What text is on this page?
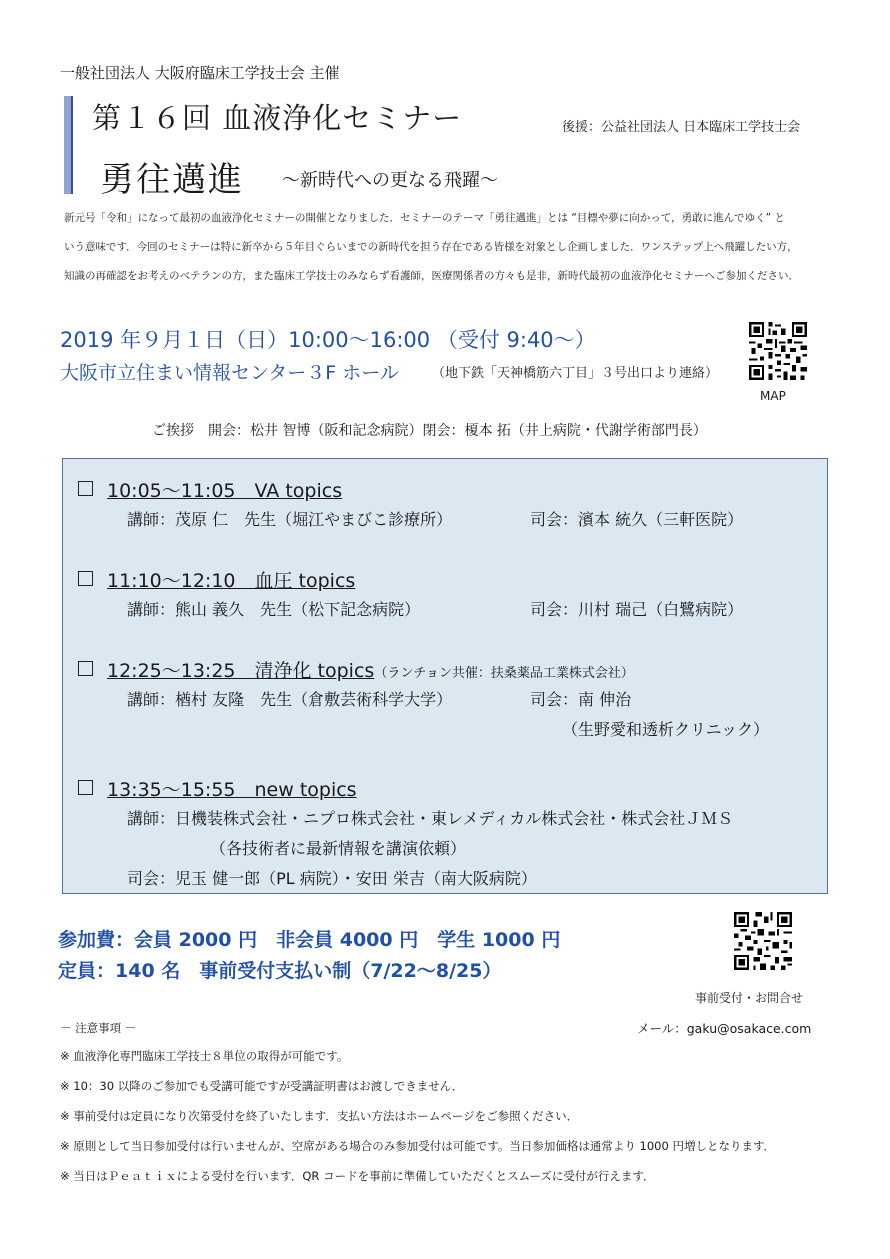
一般社団法人 大阪府臨床工学技士会 主催
第１６回 血液浄化セミナー	後援：公益社団法人 日本臨床工学技士会
勇往邁進 ～新時代への更なる飛躍～
新元号「令和」になって最初の血液浄化セミナーの開催となりました．セミナーのテーマ「勇往邁進」とは “目標や夢に向かって，勇敢に進んでゆく” と
いう意味です．今回のセミナーは特に新卒から５年目ぐらいまでの新時代を担う存在である皆様を対象とし企画しました．ワンステップ上へ飛躍したい方，
知識の再確認をお考えのベテランの方，また臨床工学技士のみならず看護師，医療関係者の方々も是非，新時代最初の血液浄化セミナーへご参加ください．
2019 年９月１日（日）10:00～16:00 （受付 9:40～）
大阪市立住まい情報センター３F ホール	（地下鉄「天神橋筋六丁目」３号出口より連絡）
MAP
ご挨拶　開会：松井 智博（阪和記念病院）閉会：榎本 拓（井上病院・代謝学術部門長）
10:05～11:05　VA topics
講師：茂原 仁　先生（堀江やまびこ診療所）	司会：濱本 統久（三軒医院）
11:10～12:10　血圧 topics
講師：熊山 義久　先生（松下記念病院）	司会：川村 瑞己（白鷺病院）
12:25～13:25　清浄化 topics（ランチョン共催：扶桑薬品工業株式会社）
講師：楢村 友隆　先生（倉敷芸術科学大学）	司会：南 伸治
（生野愛和透析クリニック）
13:35～15:55　new topics
講師：日機装株式会社・ニプロ株式会社・東レメディカル株式会社・株式会社ＪＭＳ
（各技術者に最新情報を講演依頼）
司会：児玉 健一郎（PL 病院）・安田 栄吉（南大阪病院）
参加費：会員 2000 円　非会員 4000 円　学生 1000 円
定員：140 名　事前受付支払い制（7/22～8/25）
事前受付・お問合せ
－ 注意事項 －	メール：gaku@osakace.com
※ 血液浄化専門臨床工学技士８単位の取得が可能です。
※ 10：30 以降のご参加でも受講可能ですが受講証明書はお渡しできません．
※ 事前受付は定員になり次第受付を終了いたします．支払い方法はホームページをご参照ください．
※ 原則として当日参加受付は行いませんが、空席がある場合のみ参加受付は可能です。当日参加価格は通常より 1000 円増しとなります．
※ 当日はＰｅａｔｉｘによる受付を行います．QR コードを事前に準備していただくとスムーズに受付が行えます．
